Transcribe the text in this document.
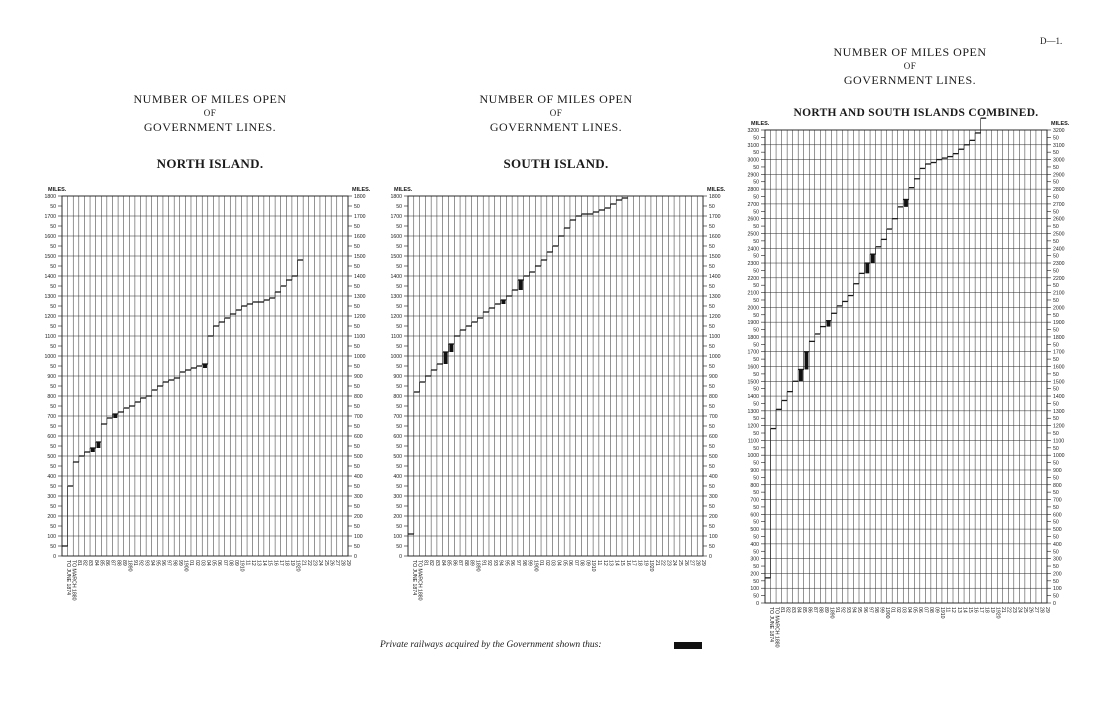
D—1.
NUMBER OF MILES OPEN
OF
GOVERNMENT LINES.
NORTH ISLAND.
NUMBER OF MILES OPEN
OF
GOVERNMENT LINES.
SOUTH ISLAND.
NUMBER OF MILES OPEN
OF
GOVERNMENT LINES.
NORTH AND SOUTH ISLANDS COMBINED.
0	0
50	50
100	100
50	50
200	200
50	50
300	300
50	50
400	400
50	50
500	500
50	50
600	600
50	50
700	700
50	50
800	800
50	50
900	900
50	50
1000	1000
50	50
1100	1100
50	50
1200	1200
50	50
1300	1300
50	50
1400	1400
50	50
1500	1500
50	50
1600	1600
50	50
1700	1700
50	50
1800	1800
MILES.	MILES.
TO JUNE 1874 TO MARCH 1880 81 82 83 84 85 86 87 88 89 1890 91 92 93 94 95 96 97 98 99 1900 01 02 03 04 05 06 07 08 09 1910 11 12 13 14 15 16 17 18 19 1920 21 22 23 24 25 26 27 28 29
0	0
50	50
100	100
50	50
200	200
50	50
300	300
50	50
400	400
50	50
500	500
50	50
600	600
50	50
700	700
50	50
800	800
50	50
900	900
50	50
1000	1000
50	50
1100	1100
50	50
1200	1200
50	50
1300	1300
50	50
1400	1400
50	50
1500	1500
50	50
1600	1600
50	50
1700	1700
50	50
1800	1800
MILES.	MILES.
TO JUNE 1874 TO MARCH 1880 81 82 83 84 85 86 87 88 89 1890 91 92 93 94 95 96 97 98 99 1900 01 02 03 04 05 06 07 08 09 1910 11 12 13 14 15 16 17 18 19 1920 21 22 23 24 25 26 27 28 29
0	0
50	50
100	100
50	50
200	200
50	50
300	300
50	50
400	400
50	50
500	500
50	50
600	600
50	50
700	700
50	50
800	800
50	50
900	900
50	50
1000	1000
50	50
1100	1100
50	50
1200	1200
50	50
1300	1300
50	50
1400	1400
50	50
1500	1500
50	50
1600	1600
50	50
1700	1700
50	50
1800	1800
50	50
1900	1900
50	50
2000	2000
50	50
2100	2100
50	50
2200	2200
50	50
2300	2300
50	50
2400	2400
50	50
2500	2500
50	50
2600	2600
50	50
2700	2700
50	50
2800	2800
50	50
2900	2900
50	50
3000	3000
50	50
3100	3100
50	50
3200	3200
MILES.	MILES.
TO JUNE 1874 TO MARCH 1880 81 82 83 84 85 86 87 88 89 1890 91 92 93 94 95 96 97 98 99 1900 01 02 03 04 05 06 07 08 09 1910 11 12 13 14 15 16 17 18 19 1920 21 22 23 24 25 26 27 28 29
Private railways acquired by the Government shown thus:
